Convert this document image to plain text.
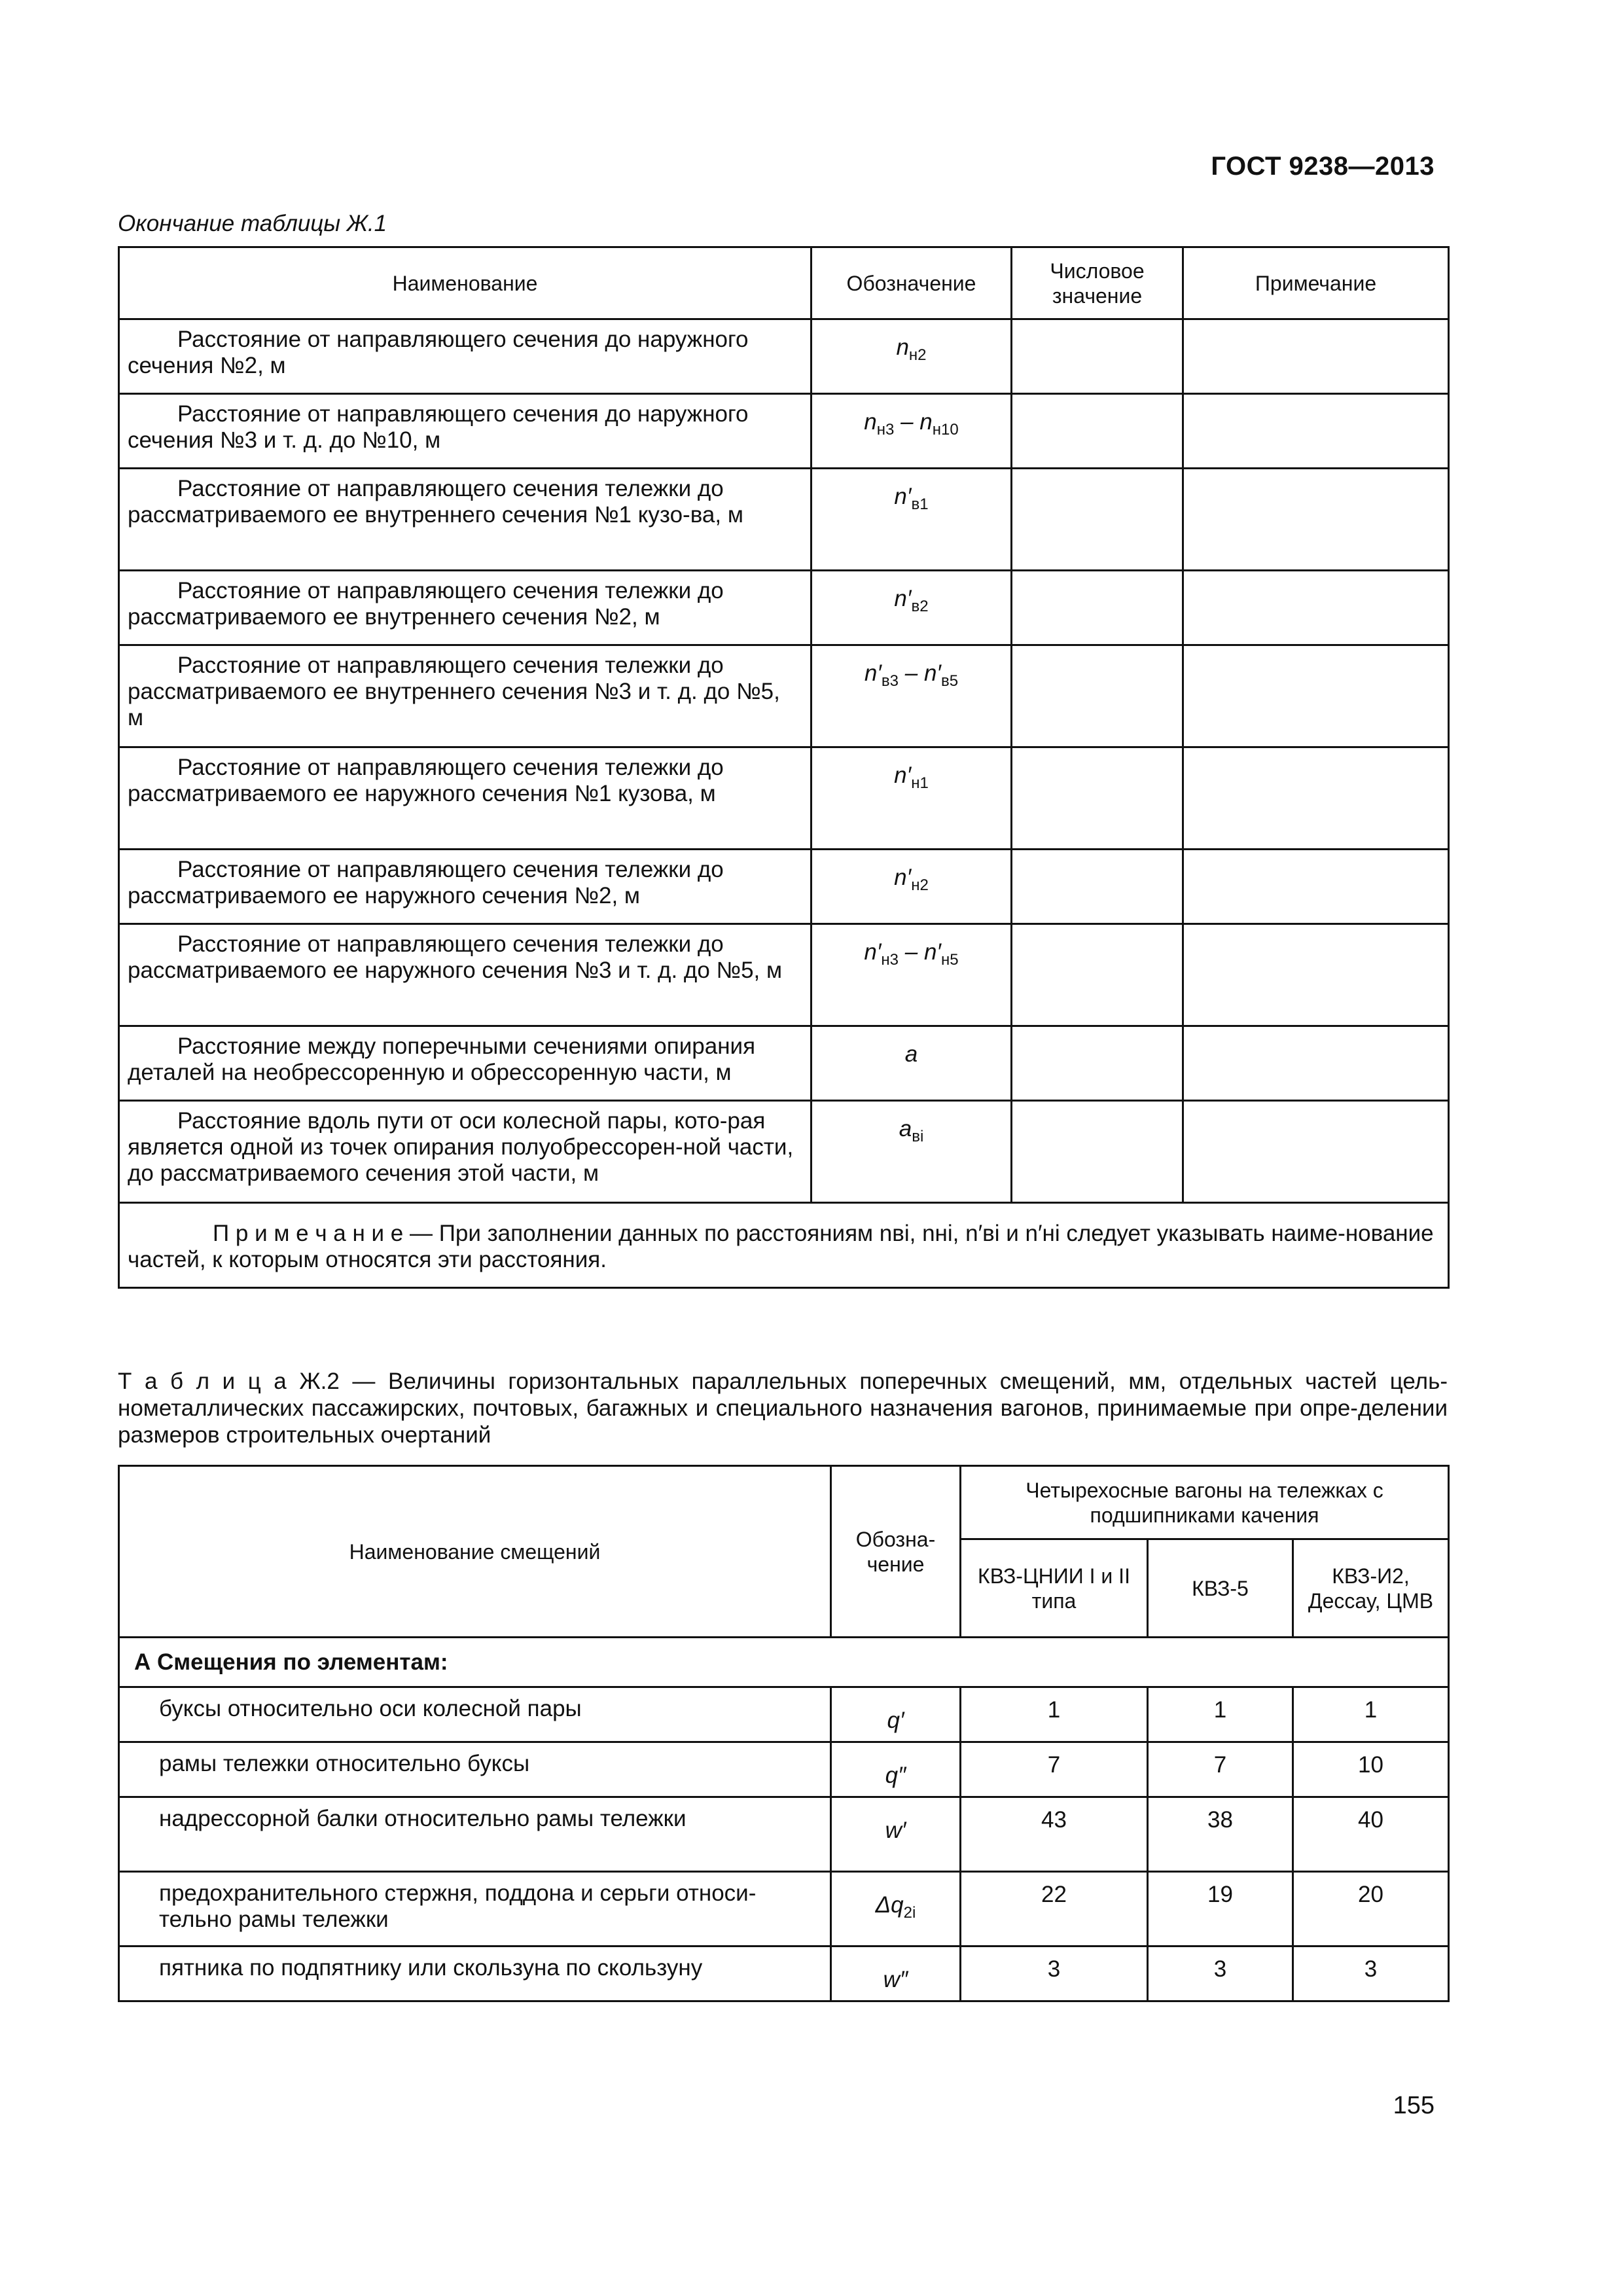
ГОСТ 9238—2013
Окончание таблицы Ж.1
Наименование	Обозначение	Числовое значение	Примечание
Расстояние от направляющего сечения до наружного сечения №2, м	$n_{н2}$		
Расстояние от направляющего сечения до наружного сечения №3 и т. д. до №10, м	$n_{н3} - n_{н10}$		
Расстояние от направляющего сечения тележки до рассматриваемого ее внутреннего сечения №1 кузо-ва, м	$n'_{в1}$		
Расстояние от направляющего сечения тележки до рассматриваемого ее внутреннего сечения №2, м	$n'_{в2}$		
Расстояние от направляющего сечения тележки до рассматриваемого ее внутреннего сечения №3 и т. д. до №5, м	$n'_{в3} - n'_{в5}$		
Расстояние от направляющего сечения тележки до рассматриваемого ее наружного сечения №1 кузова, м	$n'_{н1}$		
Расстояние от направляющего сечения тележки до рассматриваемого ее наружного сечения №2, м	$n'_{н2}$		
Расстояние от направляющего сечения тележки до рассматриваемого ее наружного сечения №3 и т. д. до №5, м	$n'_{н3} - n'_{н5}$		
Расстояние между поперечными сечениями опирания деталей на необрессоренную и обрессоренную части, м	a		
Расстояние вдоль пути от оси колесной пары, кото-рая является одной из точек опирания полуобрессорен-ной части, до рассматриваемого сечения этой части, м	$a_{вi}$		
П р и м е ч а н и е — При заполнении данных по расстояниям nвi, nнi, n′вi и n′нi следует указывать наиме-нование частей, к которым относятся эти расстояния.			
Т а б л и ц а Ж.2 — Величины горизонтальных параллельных поперечных смещений, мм, отдельных частей цель-нометаллических пассажирских, почтовых, багажных и специального назначения вагонов, принимаемые при опре-делении размеров строительных очертаний
Наименование смещений	Обозна-чение	Четырехосные вагоны на тележках с подшипниками качения		
		КВЗ-ЦНИИ I и II типа	КВЗ-5	КВЗ-И2, Дессау, ЦМВ
А Смещения по элементам:				
буксы относительно оси колесной пары	q′	1	1	1
рамы тележки относительно буксы	q″	7	7	10
надрессорной балки относительно рамы тележки	w′	43	38	40
предохранительного стержня, поддона и серьги относи-тельно рамы тележки	$\Delta q_{2i}$	22	19	20
пятника по подпятнику или скользуна по скользуну	w″	3	3	3
155
